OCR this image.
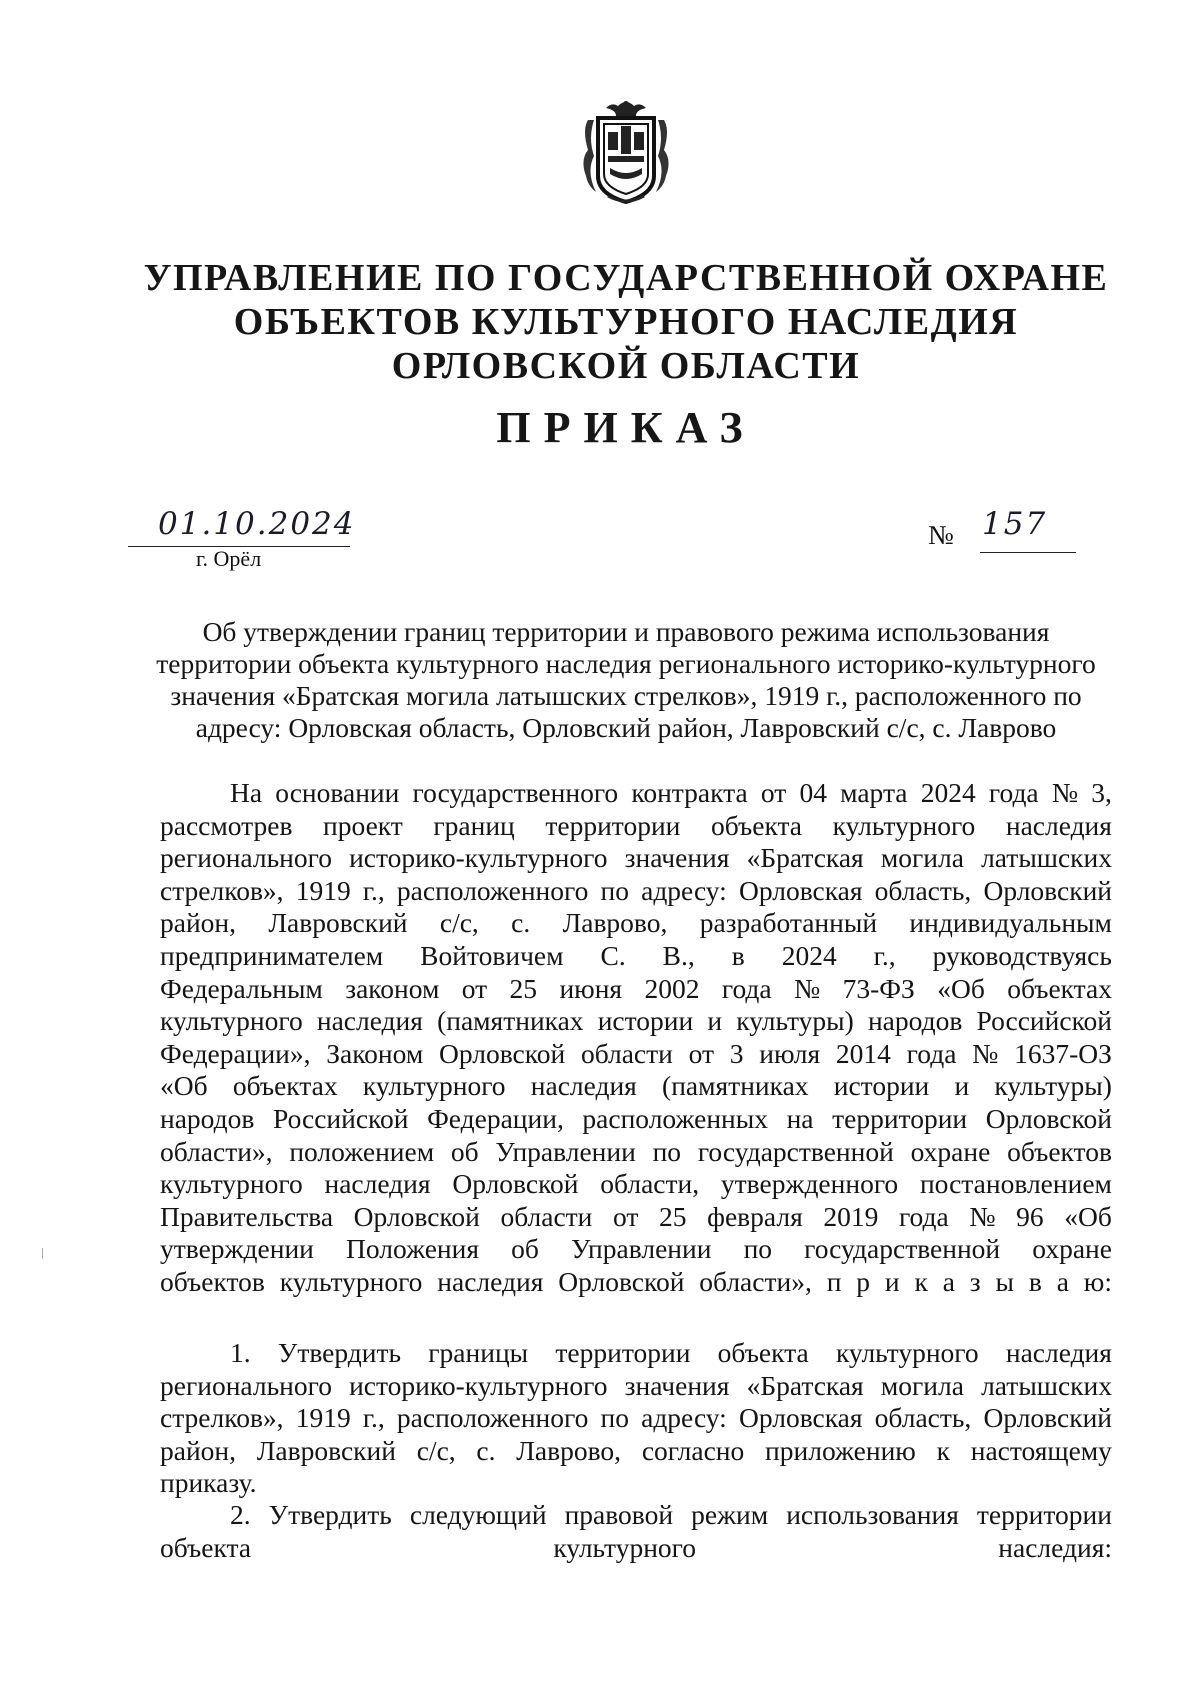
УПРАВЛЕНИЕ ПО ГОСУДАРСТВЕННОЙ ОХРАНЕ
ОБЪЕКТОВ КУЛЬТУРНОГО НАСЛЕДИЯ
ОРЛОВСКОЙ ОБЛАСТИ
ПРИКАЗ
01.10.2024
г. Орёл
№ 157
Об утверждении границ территории и правового режима использования
территории объекта культурного наследия регионального историко-культурного
значения «Братская могила латышских стрелков», 1919 г., расположенного по
адресу: Орловская область, Орловский район, Лавровский с/с, с. Лаврово
На основании государственного контракта от 04 марта 2024 года № 3,
рассмотрев проект границ территории объекта культурного наследия
регионального историко-культурного значения «Братская могила латышских
стрелков», 1919 г., расположенного по адресу: Орловская область, Орловский
район, Лавровский с/с, с. Лаврово, разработанный индивидуальным
предпринимателем Войтовичем С. В., в 2024 г., руководствуясь
Федеральным законом от 25 июня 2002 года № 73-ФЗ «Об объектах
культурного наследия (памятниках истории и культуры) народов Российской
Федерации», Законом Орловской области от 3 июля 2014 года № 1637-ОЗ
«Об объектах культурного наследия (памятниках истории и культуры)
народов Российской Федерации, расположенных на территории Орловской
области», положением об Управлении по государственной охране объектов
культурного наследия Орловской области, утвержденного постановлением
Правительства Орловской области от 25 февраля 2019 года № 96 «Об
утверждении Положения об Управлении по государственной охране
объектов культурного наследия Орловской области», п р и к а з ы в а ю:
1. Утвердить границы территории объекта культурного наследия
регионального историко-культурного значения «Братская могила латышских
стрелков», 1919 г., расположенного по адресу: Орловская область, Орловский
район, Лавровский с/с, с. Лаврово, согласно приложению к настоящему
приказу.
2. Утвердить следующий правовой режим использования территории
объекта культурного наследия:
